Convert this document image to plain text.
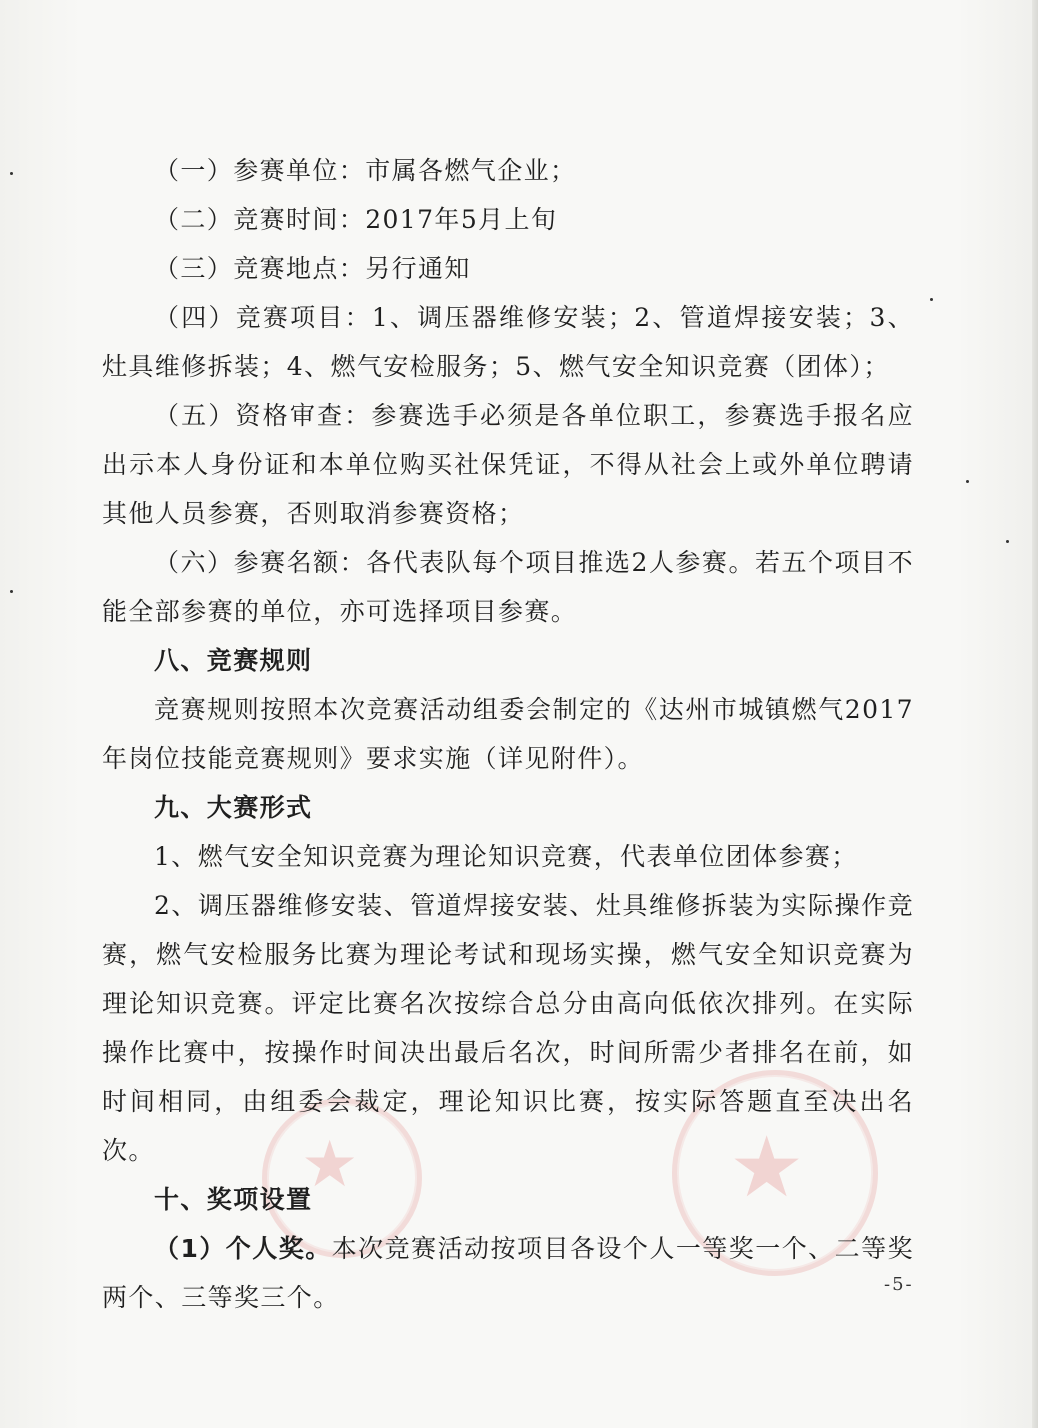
★	★

（一）参赛单位：市属各燃气企业；

（二）竞赛时间：2017年5月上旬

（三）竞赛地点：另行通知

（四）竞赛项目：1、调压器维修安装；2、管道焊接安装；3、灶具维修拆装；4、燃气安检服务；5、燃气安全知识竞赛（团体）；

（五）资格审查：参赛选手必须是各单位职工，参赛选手报名应出示本人身份证和本单位购买社保凭证，不得从社会上或外单位聘请其他人员参赛，否则取消参赛资格；

（六）参赛名额：各代表队每个项目推选2人参赛。若五个项目不能全部参赛的单位，亦可选择项目参赛。

八、竞赛规则

竞赛规则按照本次竞赛活动组委会制定的《达州市城镇燃气2017年岗位技能竞赛规则》要求实施（详见附件）。

九、大赛形式

1、燃气安全知识竞赛为理论知识竞赛，代表单位团体参赛；

2、调压器维修安装、管道焊接安装、灶具维修拆装为实际操作竞赛，燃气安检服务比赛为理论考试和现场实操，燃气安全知识竞赛为理论知识竞赛。评定比赛名次按综合总分由高向低依次排列。在实际操作比赛中，按操作时间决出最后名次，时间所需少者排名在前，如时间相同，由组委会裁定，理论知识比赛，按实际答题直至决出名次。

十、奖项设置

（1）个人奖。本次竞赛活动按项目各设个人一等奖一个、二等奖两个、三等奖三个。	-5-
